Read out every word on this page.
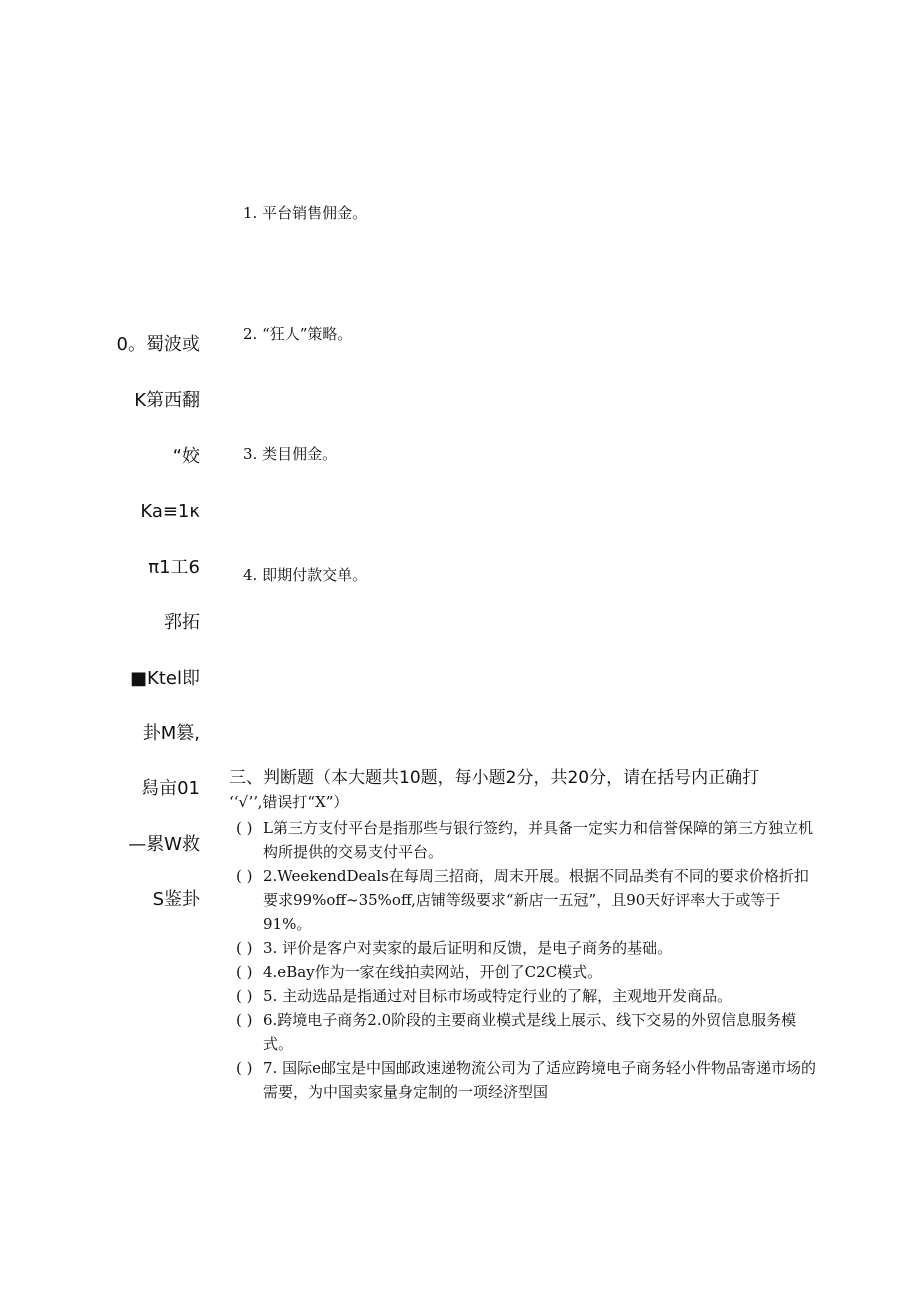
1. 平台销售佣金。
2. “狂人”策略。
3. 类目佣金。
4. 即期付款交单。
0。蜀波或
K第西翻
“姣
Ka≡1κ
π1工6
郛拓
■Ktel即
卦M篡,
舄亩01
—累W救
S鉴卦
三、判断题（本大题共10题，每小题2分，共20分，请在括号内正确打
ʻʻ√ʼʼ,错误打“X”）
( ) L第三方支付平台是指那些与银行签约，并具备一定实力和信誉保障的第三方独立机构所提供的交易支付平台。
( ) 2.WeekendDeals在每周三招商，周末开展。根据不同品类有不同的要求价格折扣要求99%off~35%off,店铺等级要求“新店一五冠”，且90天好评率大于或等于91%。
( ) 3. 评价是客户对卖家的最后证明和反馈，是电子商务的基础。
( ) 4.eBay作为一家在线拍卖网站，开创了C2C模式。
( ) 5. 主动选品是指通过对目标市场或特定行业的了解，主观地开发商品。
( ) 6.跨境电子商务2.0阶段的主要商业模式是线上展示、线下交易的外贸信息服务模式。
( ) 7. 国际e邮宝是中国邮政速递物流公司为了适应跨境电子商务轻小件物品寄递市场的需要，为中国卖家量身定制的一项经济型国
